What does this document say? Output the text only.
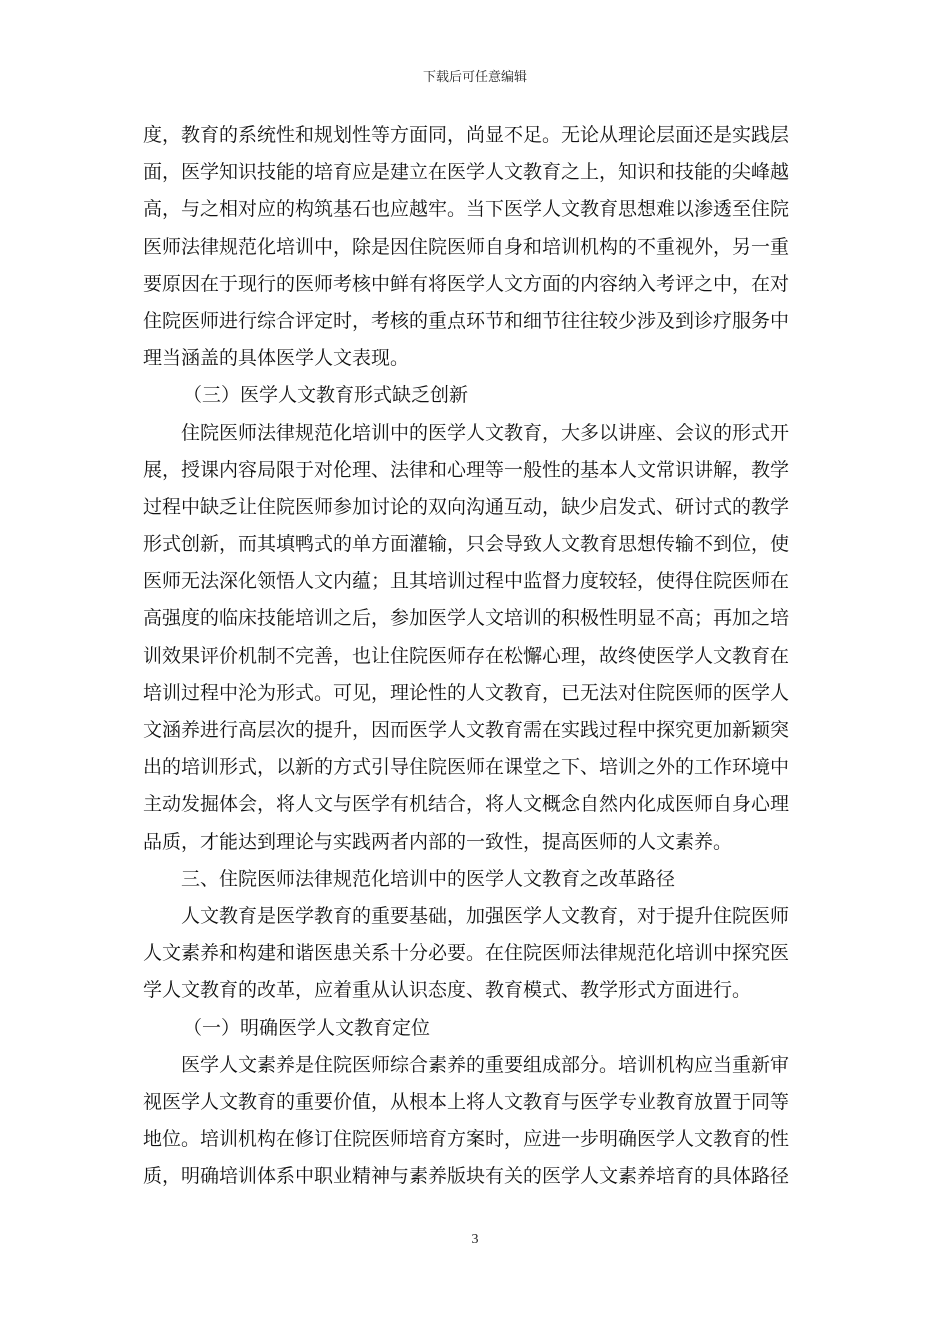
下载后可任意编辑
度，教育的系统性和规划性等方面同，尚显不足。无论从理论层面还是实践层
面，医学知识技能的培育应是建立在医学人文教育之上，知识和技能的尖峰越
高，与之相对应的构筑基石也应越牢。当下医学人文教育思想难以渗透至住院
医师法律规范化培训中，除是因住院医师自身和培训机构的不重视外，另一重
要原因在于现行的医师考核中鲜有将医学人文方面的内容纳入考评之中，在对
住院医师进行综合评定时，考核的重点环节和细节往往较少涉及到诊疗服务中
理当涵盖的具体医学人文表现。
（三）医学人文教育形式缺乏创新
住院医师法律规范化培训中的医学人文教育，大多以讲座、会议的形式开
展，授课内容局限于对伦理、法律和心理等一般性的基本人文常识讲解，教学
过程中缺乏让住院医师参加讨论的双向沟通互动，缺少启发式、研讨式的教学
形式创新，而其填鸭式的单方面灌输，只会导致人文教育思想传输不到位，使
医师无法深化领悟人文内蕴；且其培训过程中监督力度较轻，使得住院医师在
高强度的临床技能培训之后，参加医学人文培训的积极性明显不高；再加之培
训效果评价机制不完善，也让住院医师存在松懈心理，故终使医学人文教育在
培训过程中沦为形式。可见，理论性的人文教育，已无法对住院医师的医学人
文涵养进行高层次的提升，因而医学人文教育需在实践过程中探究更加新颖突
出的培训形式，以新的方式引导住院医师在课堂之下、培训之外的工作环境中
主动发掘体会，将人文与医学有机结合，将人文概念自然内化成医师自身心理
品质，才能达到理论与实践两者内部的一致性，提高医师的人文素养。
三、住院医师法律规范化培训中的医学人文教育之改革路径
人文教育是医学教育的重要基础，加强医学人文教育，对于提升住院医师
人文素养和构建和谐医患关系十分必要。在住院医师法律规范化培训中探究医
学人文教育的改革，应着重从认识态度、教育模式、教学形式方面进行。
（一）明确医学人文教育定位
医学人文素养是住院医师综合素养的重要组成部分。培训机构应当重新审
视医学人文教育的重要价值，从根本上将人文教育与医学专业教育放置于同等
地位。培训机构在修订住院医师培育方案时，应进一步明确医学人文教育的性
质，明确培训体系中职业精神与素养版块有关的医学人文素养培育的具体路径
3
